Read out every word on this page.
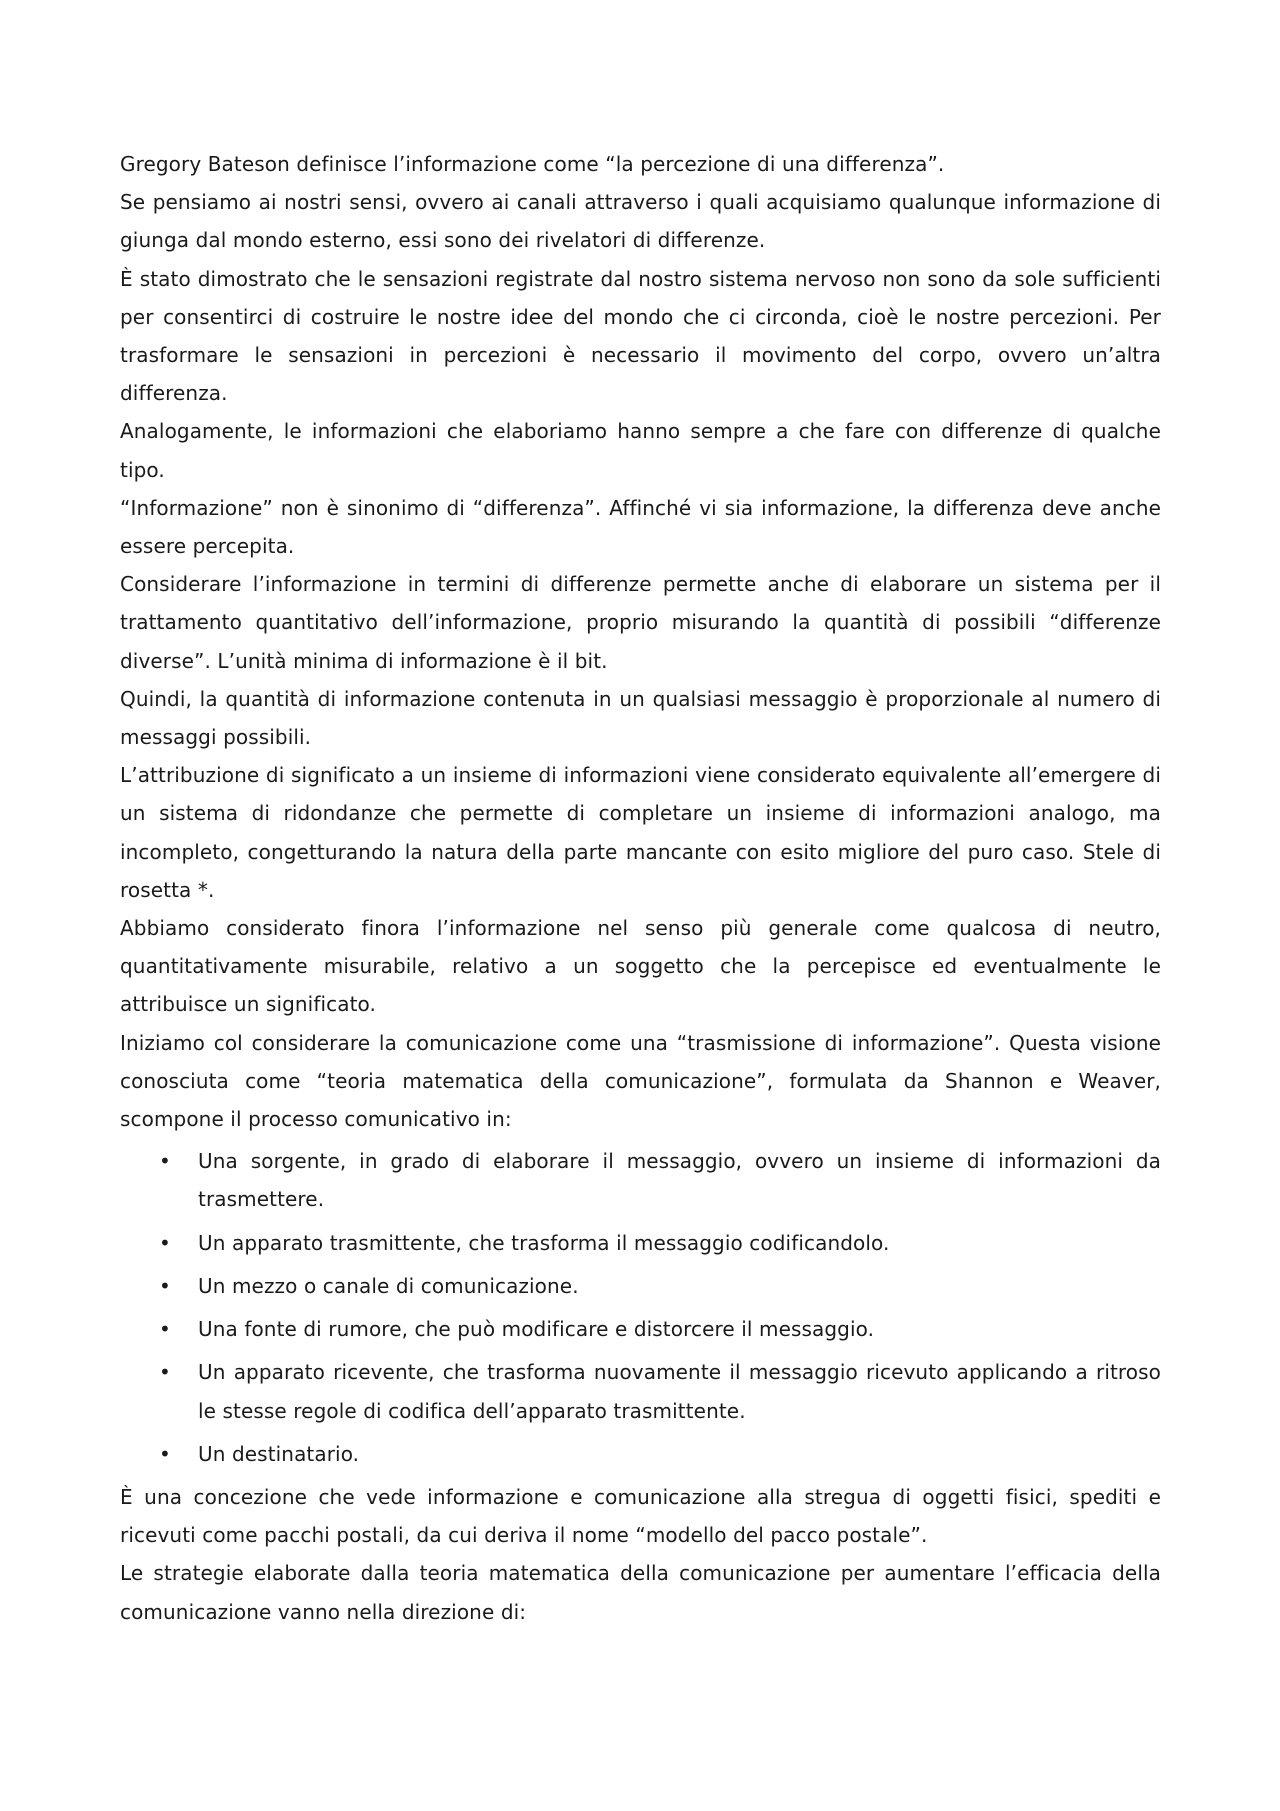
Gregory Bateson definisce l’informazione come “la percezione di una differenza”.

Se pensiamo ai nostri sensi, ovvero ai canali attraverso i quali acquisiamo qualunque informazione di giunga dal mondo esterno, essi sono dei rivelatori di differenze.

È stato dimostrato che le sensazioni registrate dal nostro sistema nervoso non sono da sole sufficienti per consentirci di costruire le nostre idee del mondo che ci circonda, cioè le nostre percezioni. Per trasformare le sensazioni in percezioni è necessario il movimento del corpo, ovvero un’altra differenza.

Analogamente, le informazioni che elaboriamo hanno sempre a che fare con differenze di qualche tipo.

“Informazione” non è sinonimo di “differenza”. Affinché vi sia informazione, la differenza deve anche essere percepita.

Considerare l’informazione in termini di differenze permette anche di elaborare un sistema per il trattamento quantitativo dell’informazione, proprio misurando la quantità di possibili “differenze diverse”. L’unità minima di informazione è il bit.

Quindi, la quantità di informazione contenuta in un qualsiasi messaggio è proporzionale al numero di messaggi possibili.

L’attribuzione di significato a un insieme di informazioni viene considerato equivalente all’emergere di un sistema di ridondanze che permette di completare un insieme di informazioni analogo, ma incompleto, congetturando la natura della parte mancante con esito migliore del puro caso. Stele di rosetta *.

Abbiamo considerato finora l’informazione nel senso più generale come qualcosa di neutro, quantitativamente misurabile, relativo a un soggetto che la percepisce ed eventualmente le attribuisce un significato.

Iniziamo col considerare la comunicazione come una “trasmissione di informazione”. Questa visione conosciuta come “teoria matematica della comunicazione”, formulata da Shannon e Weaver, scompone il processo comunicativo in:

• Una sorgente, in grado di elaborare il messaggio, ovvero un insieme di informazioni da trasmettere.
• Un apparato trasmittente, che trasforma il messaggio codificandolo.
• Un mezzo o canale di comunicazione.
• Una fonte di rumore, che può modificare e distorcere il messaggio.
• Un apparato ricevente, che trasforma nuovamente il messaggio ricevuto applicando a ritroso le stesse regole di codifica dell’apparato trasmittente.
• Un destinatario.

È una concezione che vede informazione e comunicazione alla stregua di oggetti fisici, spediti e ricevuti come pacchi postali, da cui deriva il nome “modello del pacco postale”.

Le strategie elaborate dalla teoria matematica della comunicazione per aumentare l’efficacia della comunicazione vanno nella direzione di:
